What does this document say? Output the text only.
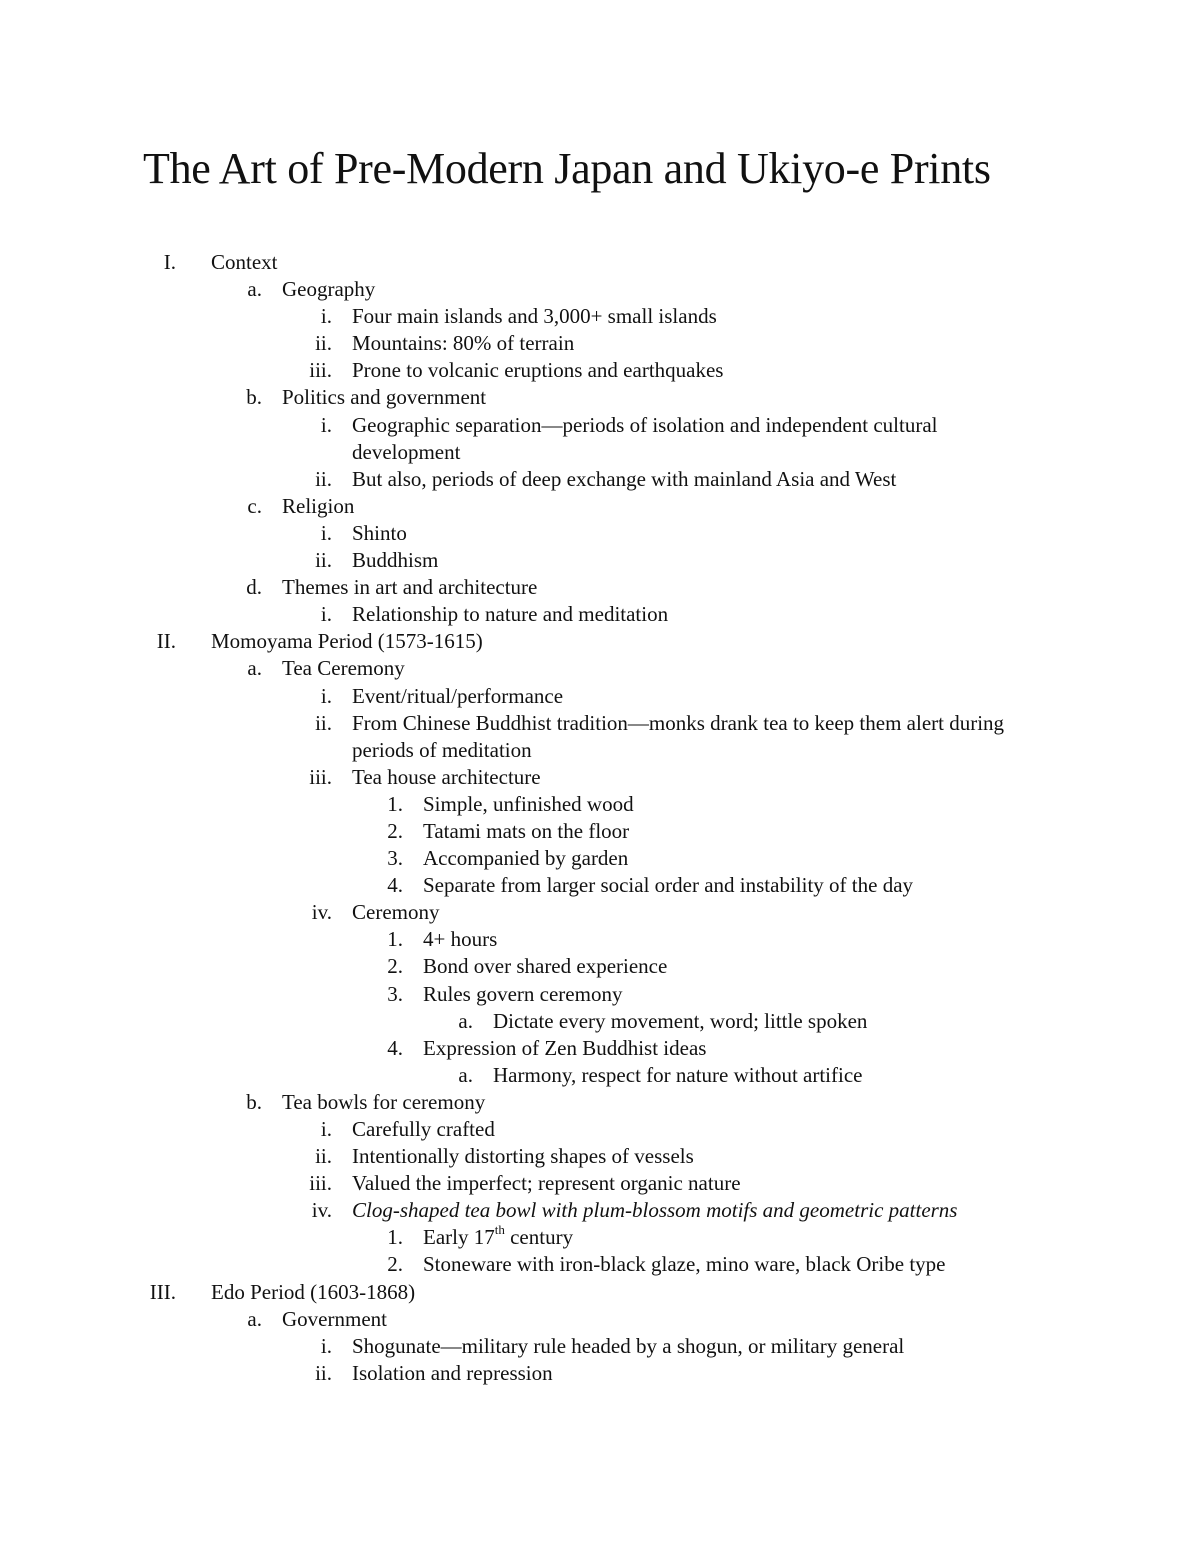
The Art of Pre-Modern Japan and Ukiyo-e Prints
I. Context
a. Geography
i. Four main islands and 3,000+ small islands
ii. Mountains: 80% of terrain
iii. Prone to volcanic eruptions and earthquakes
b. Politics and government
i. Geographic separation—periods of isolation and independent cultural development
ii. But also, periods of deep exchange with mainland Asia and West
c. Religion
i. Shinto
ii. Buddhism
d. Themes in art and architecture
i. Relationship to nature and meditation
II. Momoyama Period (1573-1615)
a. Tea Ceremony
i. Event/ritual/performance
ii. From Chinese Buddhist tradition—monks drank tea to keep them alert during periods of meditation
iii. Tea house architecture
1. Simple, unfinished wood
2. Tatami mats on the floor
3. Accompanied by garden
4. Separate from larger social order and instability of the day
iv. Ceremony
1. 4+ hours
2. Bond over shared experience
3. Rules govern ceremony
a. Dictate every movement, word; little spoken
4. Expression of Zen Buddhist ideas
a. Harmony, respect for nature without artifice
b. Tea bowls for ceremony
i. Carefully crafted
ii. Intentionally distorting shapes of vessels
iii. Valued the imperfect; represent organic nature
iv. Clog-shaped tea bowl with plum-blossom motifs and geometric patterns
1. Early 17th century
2. Stoneware with iron-black glaze, mino ware, black Oribe type
III. Edo Period (1603-1868)
a. Government
i. Shogunate—military rule headed by a shogun, or military general
ii. Isolation and repression
